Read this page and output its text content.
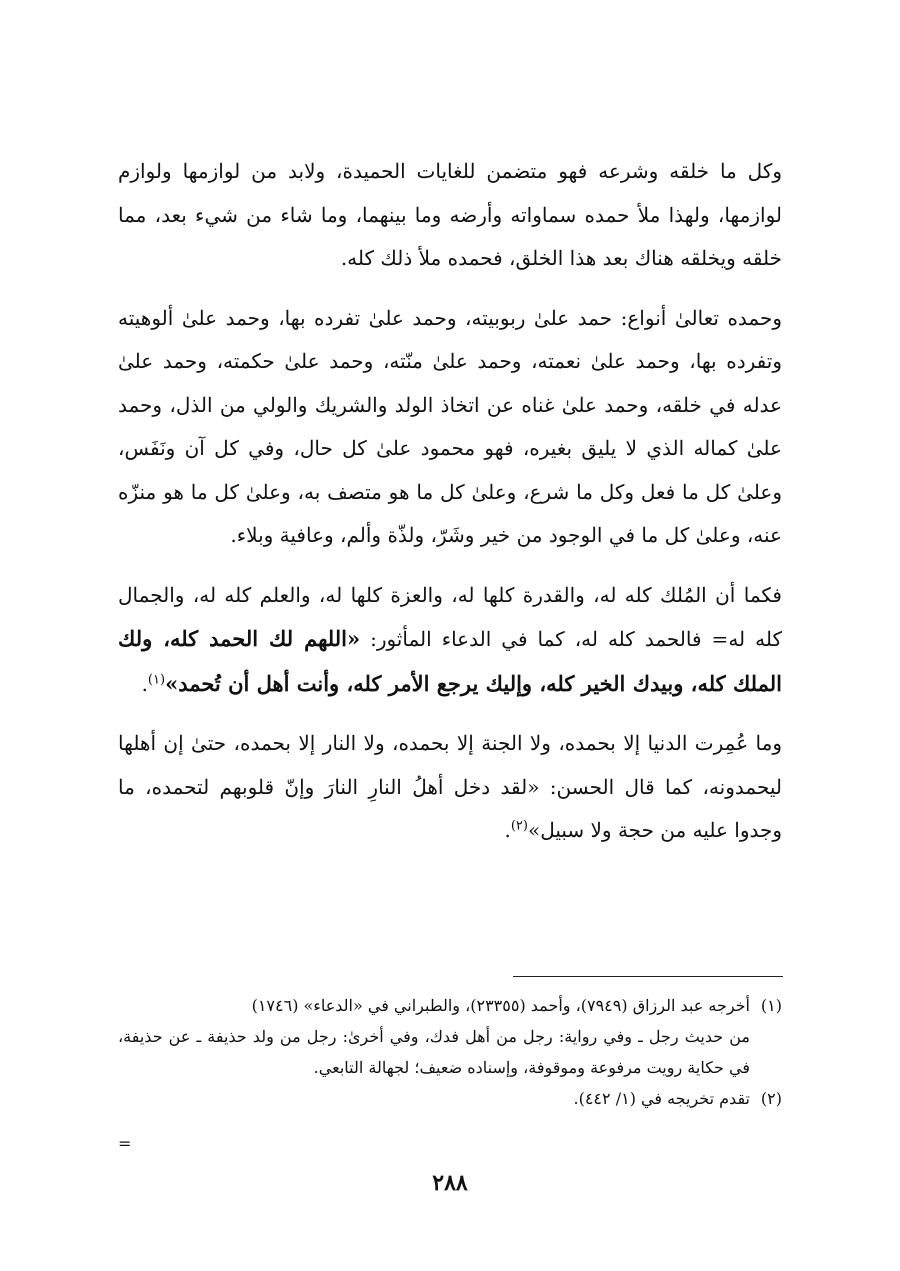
وكل ما خلقه وشرعه فهو متضمن للغايات الحميدة، ولابد من لوازمها ولوازم لوازمها، ولهذا ملأ حمده سماواته وأرضه وما بينهما، وما شاء من شيء بعد، مما خلقه ويخلقه هناك بعد هذا الخلق، فحمده ملأ ذلك كله.

وحمده تعالىٰ أنواع: حمد علىٰ ربوبيته، وحمد علىٰ تفرده بها، وحمد علىٰ ألوهيته وتفرده بها، وحمد علىٰ نعمته، وحمد علىٰ منّته، وحمد علىٰ حكمته، وحمد علىٰ عدله في خلقه، وحمد علىٰ غناه عن اتخاذ الولد والشريك والولي من الذل، وحمد علىٰ كماله الذي لا يليق بغيره، فهو محمود علىٰ كل حال، وفي كل آن ونَفَس، وعلىٰ كل ما فعل وكل ما شرع، وعلىٰ كل ما هو متصف به، وعلىٰ كل ما هو منزّه عنه، وعلىٰ كل ما في الوجود من خير وشَرّ، ولذّة وألم، وعافية وبلاء.

فكما أن المُلك كله له، والقدرة كلها له، والعزة كلها له، والعلم كله له، والجمال كله له= فالحمد كله له، كما في الدعاء المأثور: «اللهم لك الحمد كله، ولك الملك كله، وبيدك الخير كله، وإليك يرجع الأمر كله، وأنت أهل أن تُحمد»$^{(١)}$.

وما عُمِرت الدنيا إلا بحمده، ولا الجنة إلا بحمده، ولا النار إلا بحمده، حتىٰ إن أهلها ليحمدونه، كما قال الحسن: «لقد دخل أهلُ النارِ النارَ وإنّ قلوبهم لتحمده، ما وجدوا عليه من حجة ولا سبيل»$^{(٢)}$.

(١)أخرجه عبد الرزاق (٧٩٤٩)، وأحمد (٢٣٣٥٥)، والطبراني في «الدعاء» (١٧٤٦)

من حديث رجل ـ وفي رواية: رجل من أهل فدك، وفي أخرىٰ: رجل من ولد حذيفة ـ عن حذيفة، في حكاية رويت مرفوعة وموقوفة، وإسناده ضعيف؛ لجهالة التابعي.

(٢)تقدم تخريجه في (١/ ٤٤٢).

=
٢٨٨
